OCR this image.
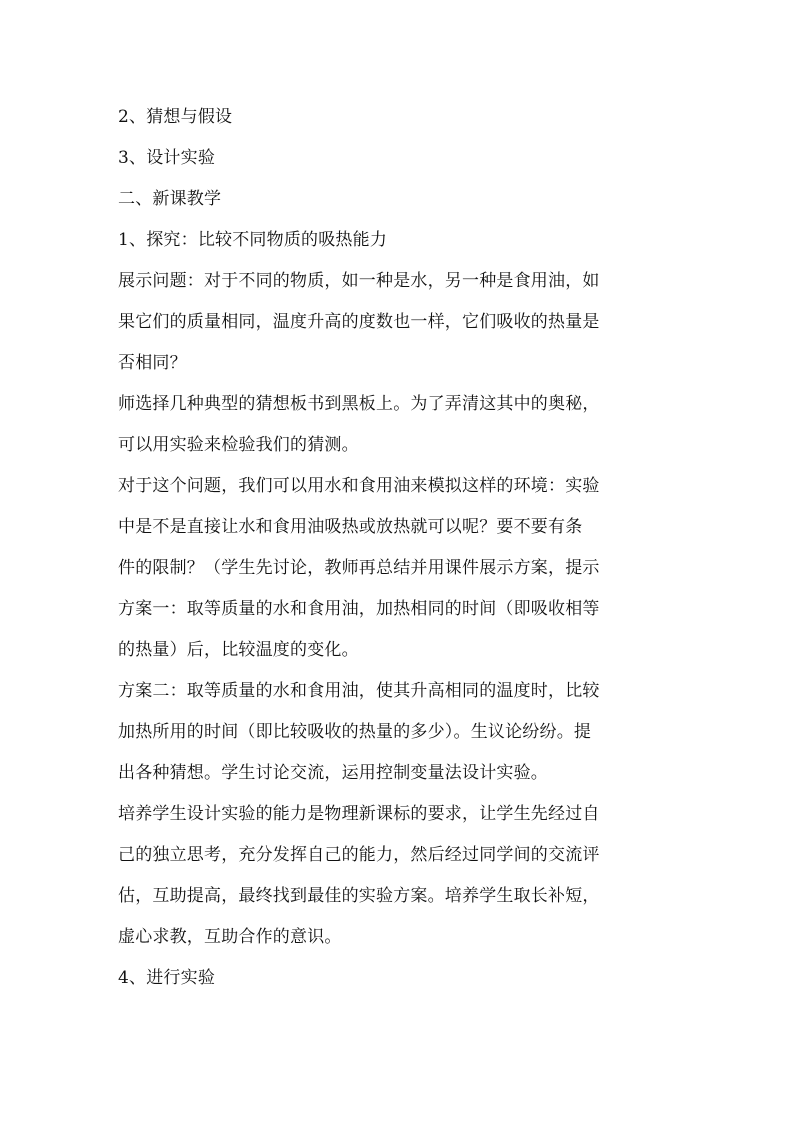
2、猜想与假设
3、设计实验
二、新课教学
1、探究：比较不同物质的吸热能力
展示问题：对于不同的物质，如一种是水，另一种是食用油，如
果它们的质量相同，温度升高的度数也一样，它们吸收的热量是
否相同？
师选择几种典型的猜想板书到黑板上。为了弄清这其中的奥秘，
可以用实验来检验我们的猜测。
对于这个问题，我们可以用水和食用油来模拟这样的环境：实验
中是不是直接让水和食用油吸热或放热就可以呢？要不要有条
件的限制？（学生先讨论，教师再总结并用课件展示方案，提示
方案一：取等质量的水和食用油，加热相同的时间（即吸收相等
的热量）后，比较温度的变化。
方案二：取等质量的水和食用油，使其升高相同的温度时，比较
加热所用的时间（即比较吸收的热量的多少）。生议论纷纷。提
出各种猜想。学生讨论交流，运用控制变量法设计实验。
培养学生设计实验的能力是物理新课标的要求，让学生先经过自
己的独立思考，充分发挥自己的能力，然后经过同学间的交流评
估，互助提高，最终找到最佳的实验方案。培养学生取长补短，
虚心求教，互助合作的意识。
4、进行实验
